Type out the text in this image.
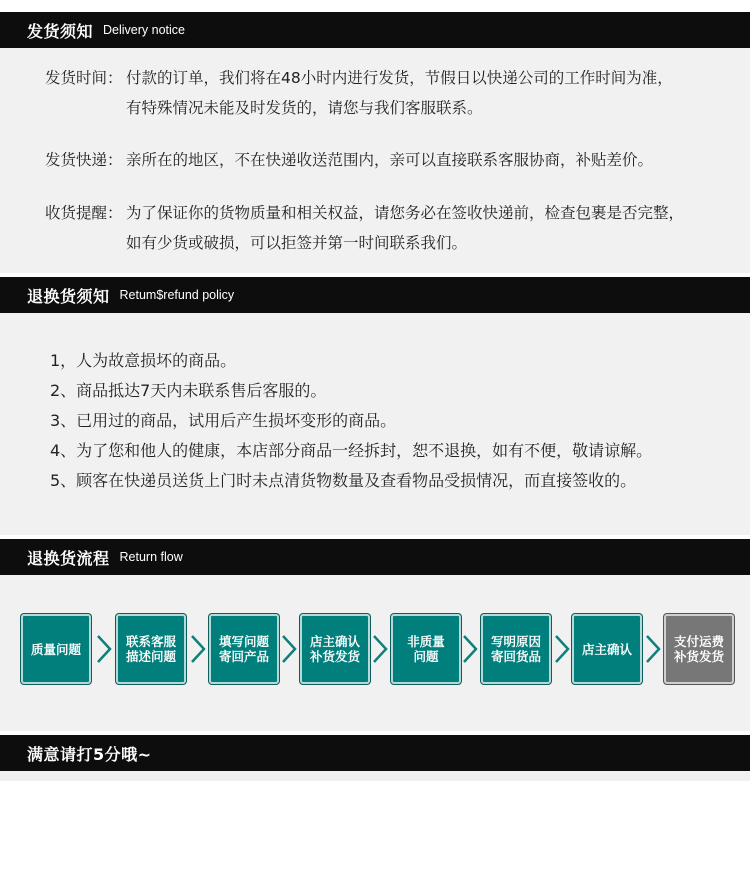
发货须知 Delivery notice
发货时间： 付款的订单，我们将在48小时内进行发货，节假日以快递公司的工作时间为准，
有特殊情况未能及时发货的，请您与我们客服联系。
发货快递： 亲所在的地区，不在快递收送范围内，亲可以直接联系客服协商，补贴差价。
收货提醒： 为了保证你的货物质量和相关权益，请您务必在签收快递前，检查包裹是否完整，
如有少货或破损，可以拒签并第一时间联系我们。
退换货须知 Retum$refund policy
1，人为故意损坏的商品。
2、商品抵达7天内未联系售后客服的。
3、已用过的商品，试用后产生损坏变形的商品。
4、为了您和他人的健康，本店部分商品一经拆封，恕不退换，如有不便，敬请谅解。
5、顾客在快递员送货上门时未点清货物数量及查看物品受损情况，而直接签收的。
退换货流程 Return flow
质量问题	联系客服
描述问题
填写问题
寄回产品
店主确认
补货发货
非质量
问题
写明原因
寄回货品	店主确认	支付运费
补货发货
满意请打5分哦~
